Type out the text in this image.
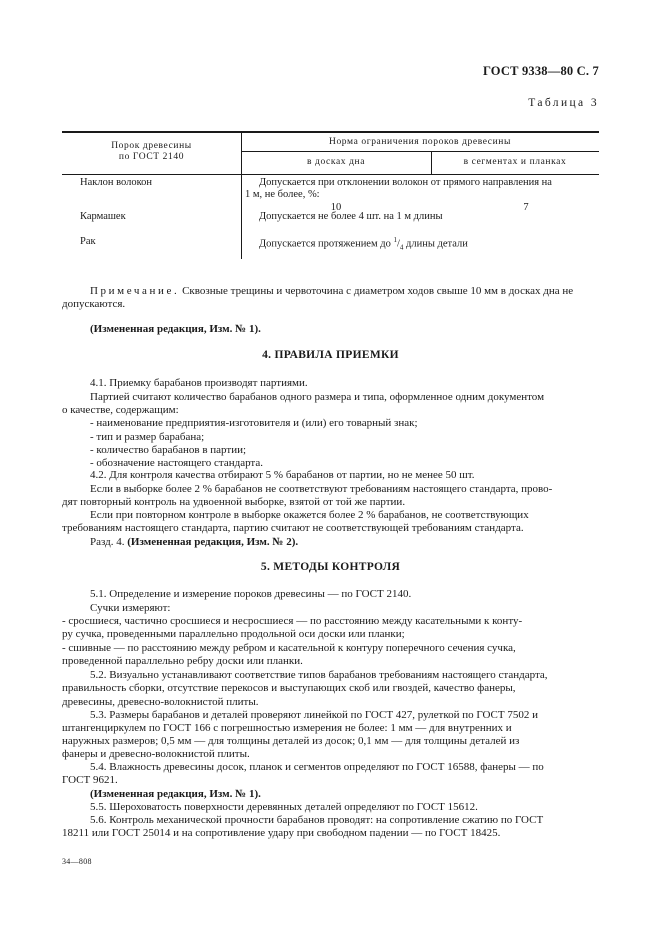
ГОСТ 9338—80 С. 7
Таблица 3
Порок древесины
по ГОСТ 2140
Норма ограничения пороков древесины
в досках дна	в сегментах и планках
Наклон волокон	Допускается при отклонении волокон от прямого направления на
1 м, не более, %:
10	7
Кармашек	Допускается не более 4 шт. на 1 м длины
Рак	Допускается протяжением до $^1/_4$ длины детали
Примечание. Сквозные трещины и червоточина с диаметром ходов свыше 10 мм в досках дна не
допускаются.
(Измененная редакция, Изм. № 1).
4. ПРАВИЛА ПРИЕМКИ
4.1. Приемку барабанов производят партиями.
Партией считают количество барабанов одного размера и типа, оформленное одним документом
о качестве, содержащим:
- наименование предприятия-изготовителя и (или) его товарный знак;
- тип и размер барабана;
- количество барабанов в партии;
- обозначение настоящего стандарта.
4.2. Для контроля качества отбирают 5 % барабанов от партии, но не менее 50 шт.
Если в выборке более 2 % барабанов не соответствуют требованиям настоящего стандарта, прово-
дят повторный контроль на удвоенной выборке, взятой от той же партии.
Если при повторном контроле в выборке окажется более 2 % барабанов, не соответствующих
требованиям настоящего стандарта, партию считают не соответствующей требованиям стандарта.
Разд. 4. (Измененная редакция, Изм. № 2).
5. МЕТОДЫ КОНТРОЛЯ
5.1. Определение и измерение пороков древесины — по ГОСТ 2140.
Сучки измеряют:
- сросшиеся, частично сросшиеся и несросшиеся — по расстоянию между касательными к конту-
ру сучка, проведенными параллельно продольной оси доски или планки;
- сшивные — по расстоянию между ребром и касательной к контуру поперечного сечения сучка,
проведенной параллельно ребру доски или планки.
5.2. Визуально устанавливают соответствие типов барабанов требованиям настоящего стандарта,
правильность сборки, отсутствие перекосов и выступающих скоб или гвоздей, качество фанеры,
древесины, древесно-волокнистой плиты.
5.3. Размеры барабанов и деталей проверяют линейкой по ГОСТ 427, рулеткой по ГОСТ 7502 и
штангенциркулем по ГОСТ 166 с погрешностью измерения не более: 1 мм — для внутренних и
наружных размеров; 0,5 мм — для толщины деталей из досок; 0,1 мм — для толщины деталей из
фанеры и древесно-волокнистой плиты.
5.4. Влажность древесины досок, планок и сегментов определяют по ГОСТ 16588, фанеры — по
ГОСТ 9621.
(Измененная редакция, Изм. № 1).
5.5. Шероховатость поверхности деревянных деталей определяют по ГОСТ 15612.
5.6. Контроль механической прочности барабанов проводят: на сопротивление сжатию по ГОСТ
18211 или ГОСТ 25014 и на сопротивление удару при свободном падении — по ГОСТ 18425.
34—808
